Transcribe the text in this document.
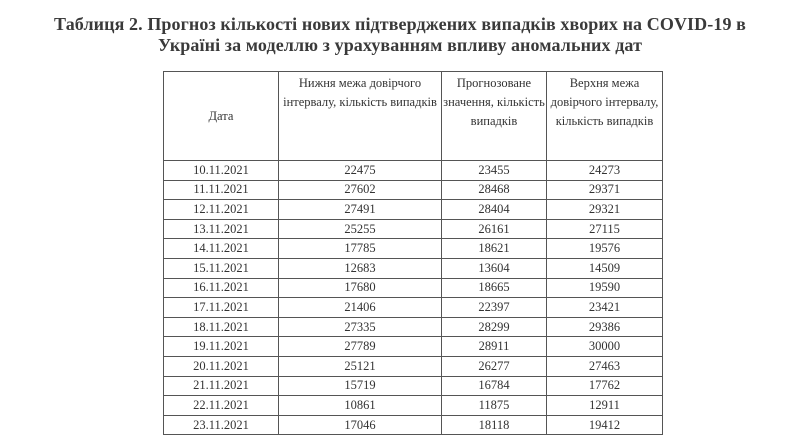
Таблиця 2. Прогноз кількості нових підтверджених випадків хворих на COVID-19 в
Україні за моделлю з урахуванням впливу аномальних дат
Дата	Нижня межа довірчого інтервалу, кількість випадків	Прогнозоване значення, кількість випадків	Верхня межа довірчого інтервалу, кількість випадків
10.11.2021	22475	23455	24273
11.11.2021	27602	28468	29371
12.11.2021	27491	28404	29321
13.11.2021	25255	26161	27115
14.11.2021	17785	18621	19576
15.11.2021	12683	13604	14509
16.11.2021	17680	18665	19590
17.11.2021	21406	22397	23421
18.11.2021	27335	28299	29386
19.11.2021	27789	28911	30000
20.11.2021	25121	26277	27463
21.11.2021	15719	16784	17762
22.11.2021	10861	11875	12911
23.11.2021	17046	18118	19412
